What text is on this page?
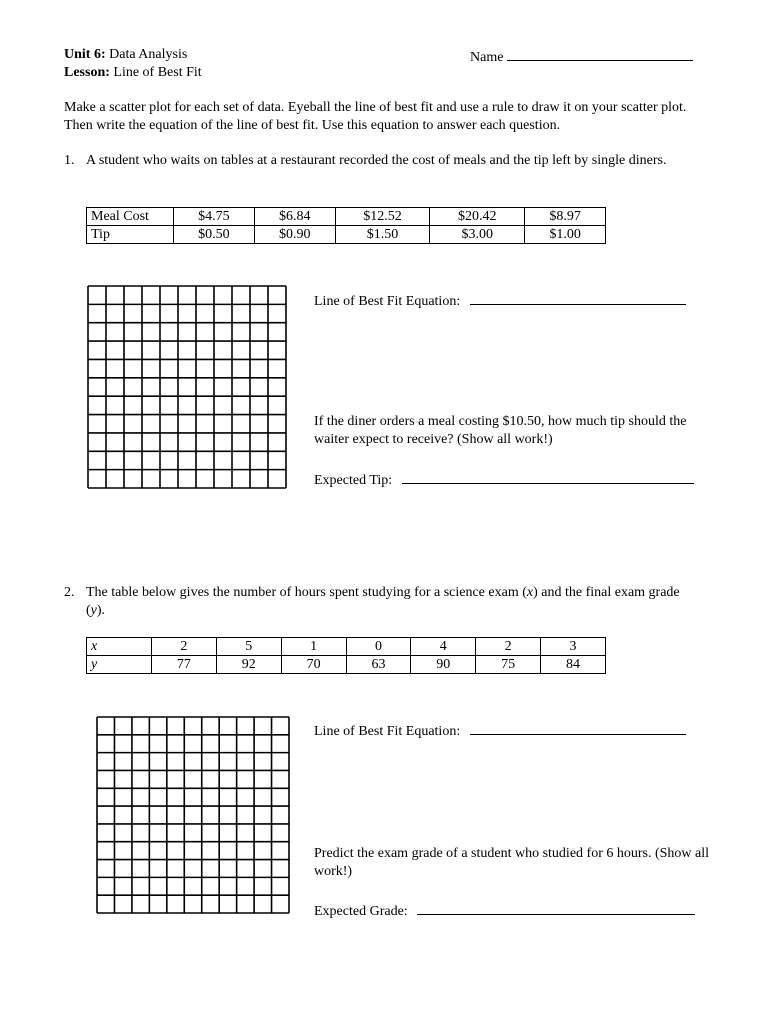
Unit 6: Data Analysis
Lesson: Line of Best Fit
Name
Make a scatter plot for each set of data. Eyeball the line of best fit and use a rule to draw it on your scatter plot. Then write the equation of the line of best fit. Use this equation to answer each question.
1. A student who waits on tables at a restaurant recorded the cost of meals and the tip left by single diners.
Meal Cost	$4.75	$6.84	$12.52	$20.42	$8.97
Tip	$0.50	$0.90	$1.50	$3.00	$1.00
Line of Best Fit Equation:
If the diner orders a meal costing $10.50, how much tip should the waiter expect to receive? (Show all work!)
Expected Tip:
2. The table below gives the number of hours spent studying for a science exam (x) and the final exam grade (y).
x	2	5	1	0	4	2	3
y	77	92	70	63	90	75	84
Line of Best Fit Equation:
Predict the exam grade of a student who studied for 6 hours. (Show all work!)
Expected Grade:
